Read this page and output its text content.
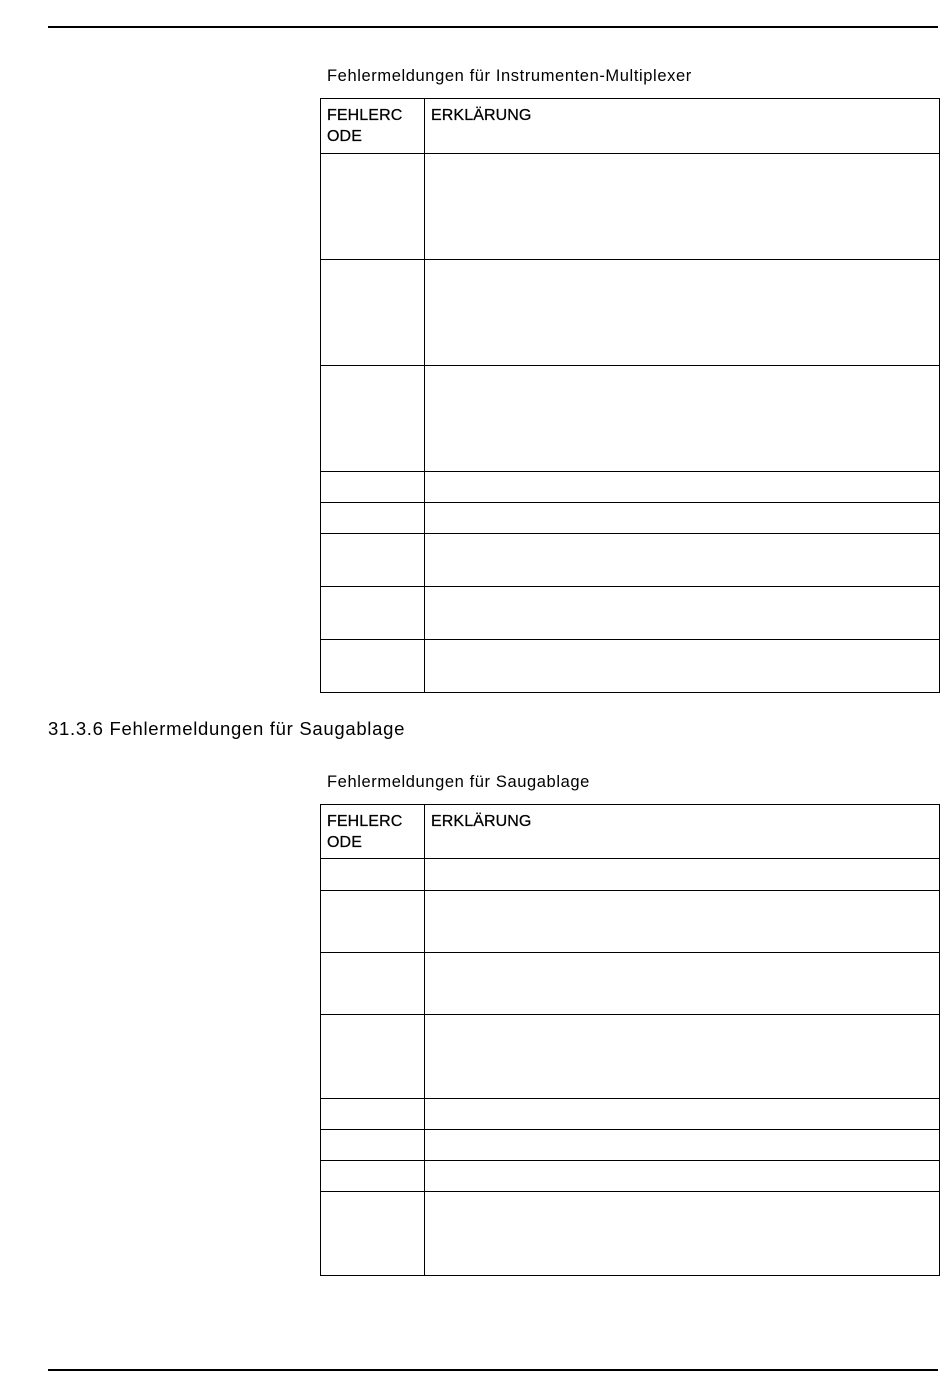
Fehlermeldungen für Instrumenten-Multiplexer
FEHLERC ODE	ERKLÄRUNG

31.3.6 Fehlermeldungen für Saugablage
Fehlermeldungen für Saugablage
FEHLERC ODE	ERKLÄRUNG
